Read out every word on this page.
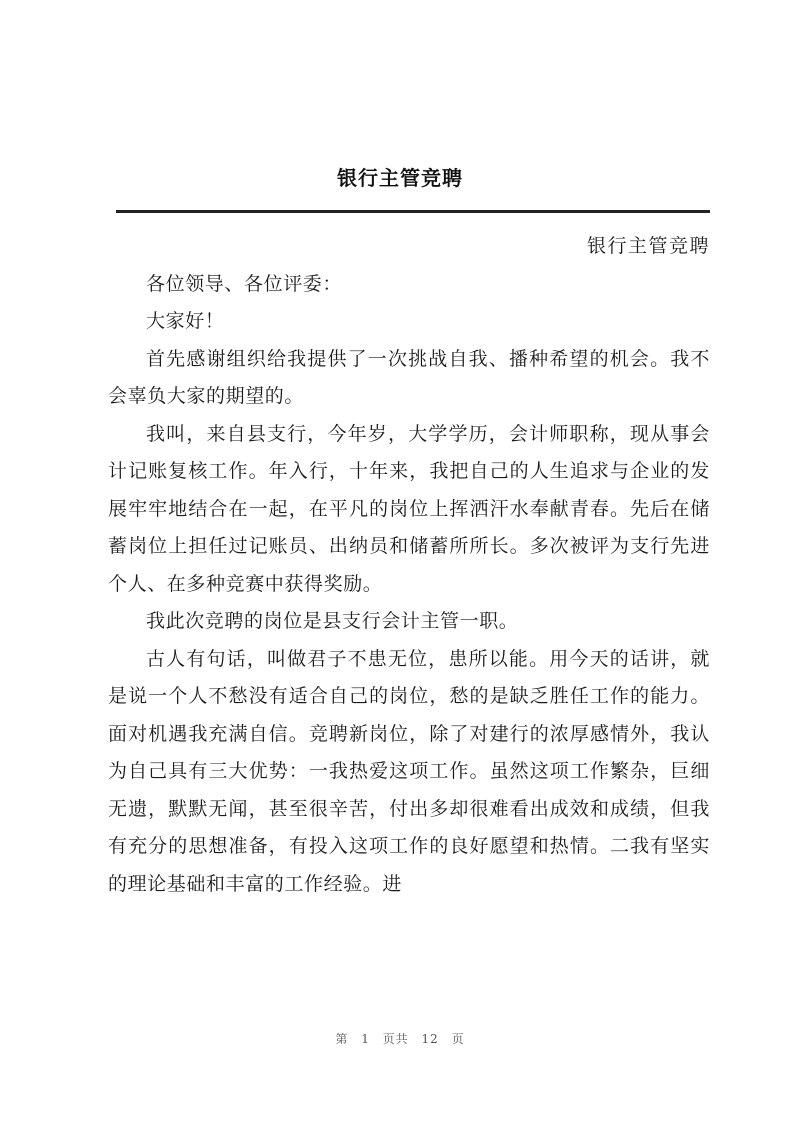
银行主管竞聘

银行主管竞聘

各位领导、各位评委：

大家好！

首先感谢组织给我提供了一次挑战自我、播种希望的机会。我不会辜负大家的期望的。

我叫，来自县支行，今年岁，大学学历，会计师职称，现从事会计记账复核工作。年入行，十年来，我把自己的人生追求与企业的发展牢牢地结合在一起，在平凡的岗位上挥洒汗水奉献青春。先后在储蓄岗位上担任过记账员、出纳员和储蓄所所长。多次被评为支行先进个人、在多种竞赛中获得奖励。

我此次竞聘的岗位是县支行会计主管一职。

古人有句话，叫做君子不患无位，患所以能。用今天的话讲，就是说一个人不愁没有适合自己的岗位，愁的是缺乏胜任工作的能力。面对机遇我充满自信。竞聘新岗位，除了对建行的浓厚感情外，我认为自己具有三大优势：一我热爱这项工作。虽然这项工作繁杂，巨细无遗，默默无闻，甚至很辛苦，付出多却很难看出成效和成绩，但我有充分的思想准备，有投入这项工作的良好愿望和热情。二我有坚实的理论基础和丰富的工作经验。进

第 1 页共 12 页
